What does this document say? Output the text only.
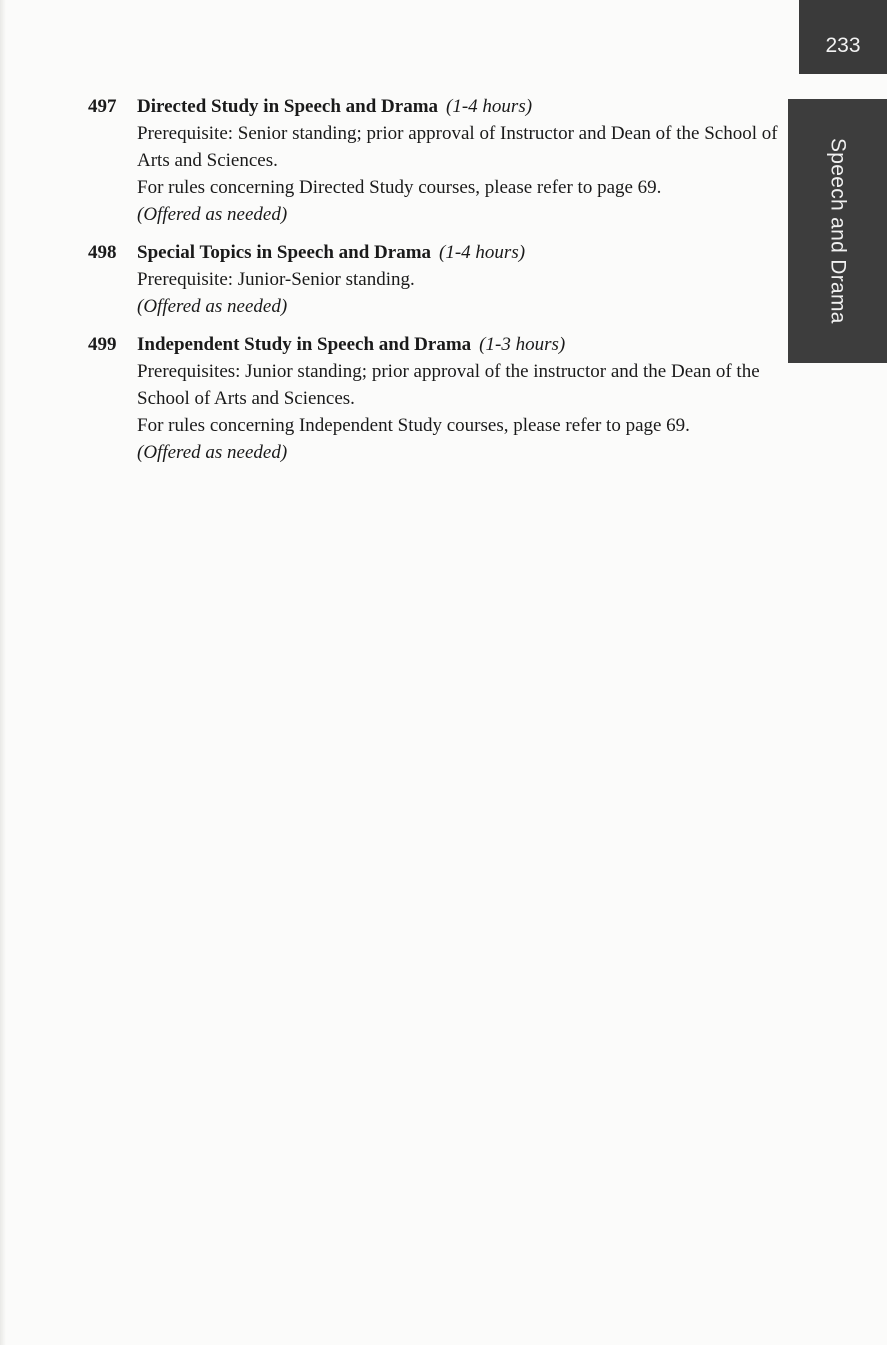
233
Speech and Drama
497	Directed Study in Speech and Drama (1-4 hours)
Prerequisite: Senior standing; prior approval of Instructor and Dean of the School of Arts and Sciences.
For rules concerning Directed Study courses, please refer to page 69.
(Offered as needed)
498	Special Topics in Speech and Drama (1-4 hours)
Prerequisite: Junior-Senior standing.
(Offered as needed)
499	Independent Study in Speech and Drama (1-3 hours)
Prerequisites: Junior standing; prior approval of the instructor and the Dean of the School of Arts and Sciences.
For rules concerning Independent Study courses, please refer to page 69.
(Offered as needed)
